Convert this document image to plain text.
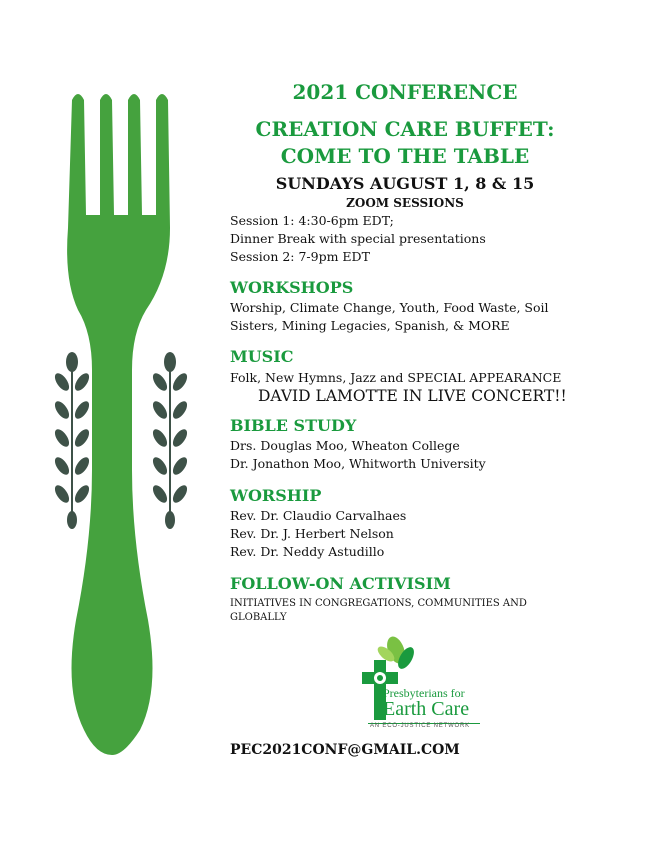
2021 CONFERENCE
CREATION CARE BUFFET:
COME TO THE TABLE
SUNDAYS AUGUST 1, 8 & 15
ZOOM SESSIONS
Session 1: 4:30-6pm EDT;
Dinner Break with special presentations
Session 2: 7-9pm EDT
WORKSHOPS
Worship, Climate Change, Youth, Food Waste, Soil
Sisters, Mining Legacies, Spanish, & MORE
MUSIC
Folk, New Hymns, Jazz and SPECIAL APPEARANCE
DAVID LAMOTTE IN LIVE CONCERT!!
BIBLE STUDY
Drs. Douglas Moo, Wheaton College
Dr. Jonathon Moo, Whitworth University
WORSHIP
Rev. Dr. Claudio Carvalhaes
Rev. Dr. J. Herbert Nelson
Rev. Dr. Neddy Astudillo
FOLLOW-ON ACTIVISIM
INITIATIVES IN CONGREGATIONS, COMMUNITIES AND
GLOBALLY
Presbyterians for
Earth Care
AN ECO-JUSTICE NETWORK
PEC2021CONF@GMAIL.COM
